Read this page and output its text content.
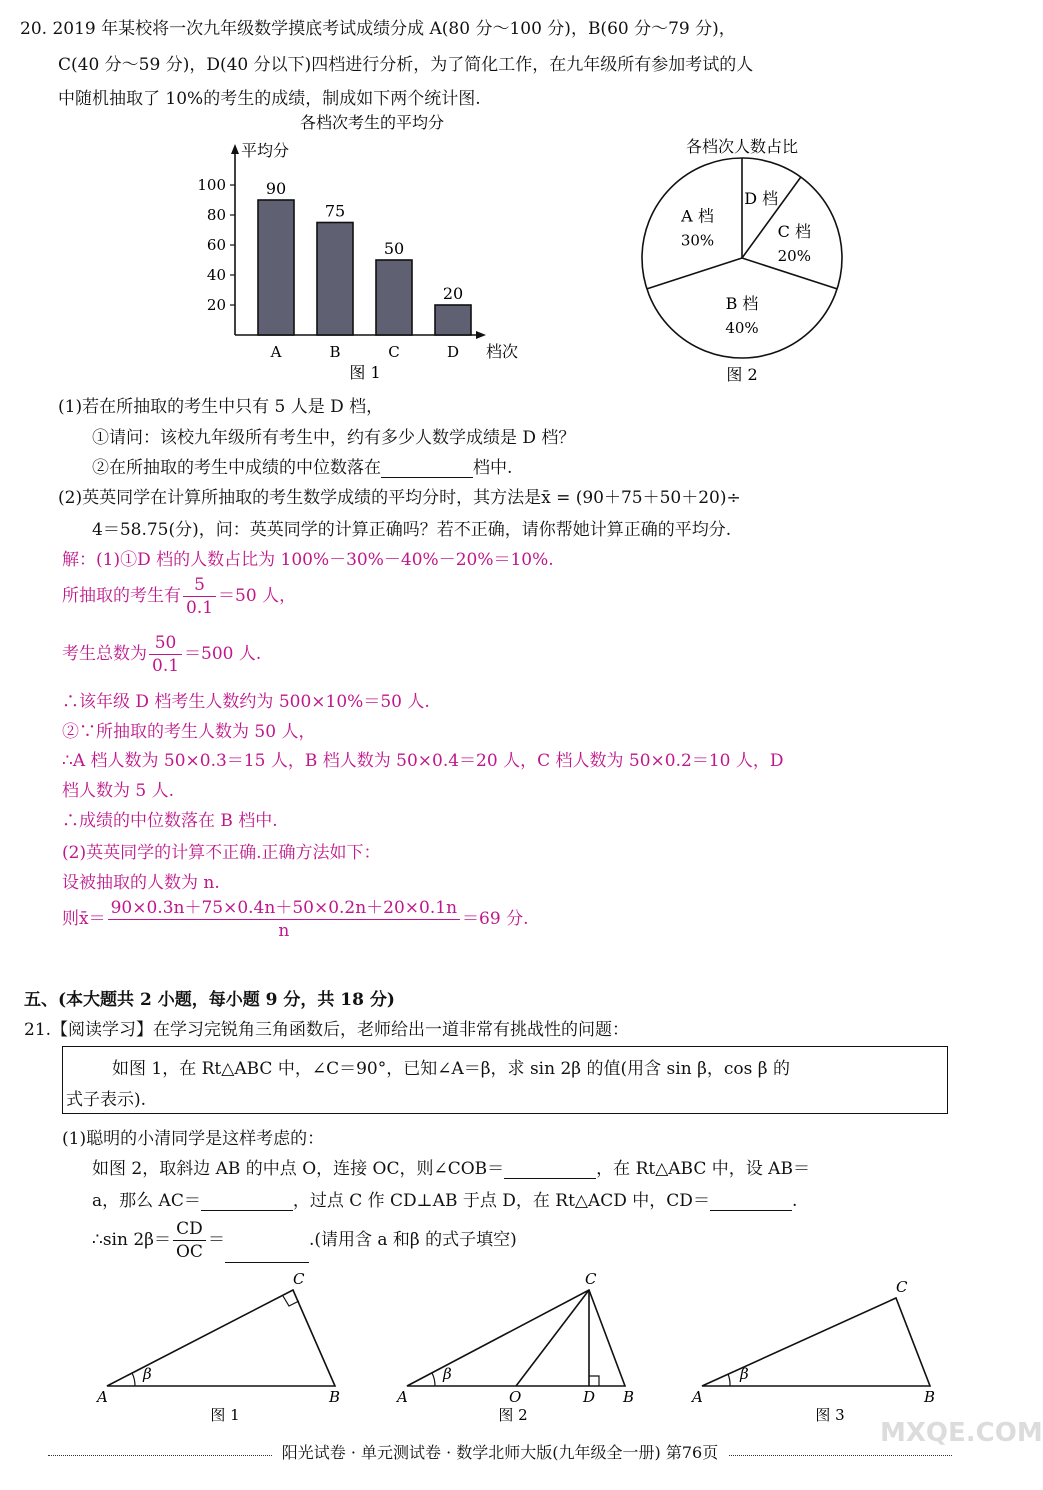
20. 2019 年某校将一次九年级数学摸底考试成绩分成 A(80 分～100 分)，B(60 分～79 分)，
C(40 分～59 分)，D(40 分以下)四档进行分析，为了简化工作，在九年级所有参加考试的人
中随机抽取了 10%的考生的成绩，制成如下两个统计图.
各档次考生的平均分
平均分
档次
20
40
60
80
100 90
A
75
B
50
C
20
D
图 1
各档次人数占比
D 档
C 档
20%
B 档
40%
A 档
30%
图 2
(1)若在所抽取的考生中只有 5 人是 D 档，
①请问：该校九年级所有考生中，约有多少人数学成绩是 D 档？
②在所抽取的考生中成绩的中位数落在	档中.
(2)英英同学在计算所抽取的考生数学成绩的平均分时，其方法是x̄ = (90＋75＋50＋20)÷
4＝58.75(分)，问：英英同学的计算正确吗？若不正确，请你帮她计算正确的平均分.
解：(1)①D 档的人数占比为 100%－30%－40%－20%＝10%.
所抽取的考生有 $\frac{5}{0.1} =50$ 人，
考生总数为 $\frac{50}{0.1} =500$ 人.
∴该年级 D 档考生人数约为 500×10%＝50 人.
②∵所抽取的考生人数为 50 人，
∴A 档人数为 50×0.3＝15 人，B 档人数为 50×0.4＝20 人，C 档人数为 50×0.2＝10 人，D
档人数为 5 人.
∴成绩的中位数落在 B 档中.
(2)英英同学的计算不正确.正确方法如下：
设被抽取的人数为 n.
则x̄＝ $\frac{90\times 0.3n+75\times 0.4n+50\times 0.2n+20\times 0.1n}{n} =69$ 分.
五、(本大题共 2 小题，每小题 9 分，共 18 分)
21.【阅读学习】在学习完锐角三角函数后，老师给出一道非常有挑战性的问题：
如图 1，在 Rt△ABC 中，∠C＝90°，已知∠A＝β，求 sin 2β 的值(用含 sin β，cos β 的
式子表示).
(1)聪明的小清同学是这样考虑的：
如图 2，取斜边 AB 的中点 O，连接 OC，则∠COB＝	，在 Rt△ABC 中，设 AB＝
a，那么 AC＝	，过点 C 作 CD⊥AB 于点 D，在 Rt△ACD 中，CD＝	.
∴sin $2\beta= \frac{CD}{OC}$ ＝	.(请用含 a 和β 的式子填空)
A
C
B
β
图 1
A
C
O	D B
β
图 2
A
C
B
β
图 3
阳光试卷 · 单元测试卷 · 数学北师大版(九年级全一册) 第76页
MXQE.COM
